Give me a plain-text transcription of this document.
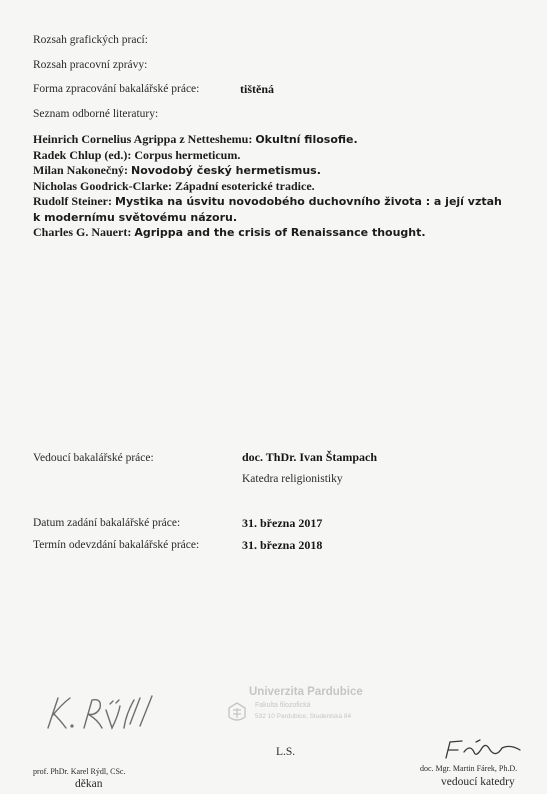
Rozsah grafických prací:
Rozsah pracovní zprávy:
Forma zpracování bakalářské práce:	tištěná
Seznam odborné literatury:
Heinrich Cornelius Agrippa z Netteshemu: Okultní filosofie.
Radek Chlup (ed.): Corpus hermeticum.
Milan Nakonečný: Novodobý český hermetismus.
Nicholas Goodrick-Clarke: Západní esoterické tradice.
Rudolf Steiner: Mystika na úsvitu novodobého duchovního života : a její vztah
k modernímu světovému názoru.
Charles G. Nauert: Agrippa and the crisis of Renaissance thought.
Vedoucí bakalářské práce:	doc. ThDr. Ivan Štampach
Katedra religionistiky
Datum zadání bakalářské práce:	31. března 2017
Termín odevzdání bakalářské práce:	31. března 2018
Univerzita Pardubice
Fakulta filozofická
532 10 Pardubice, Studentská 84
L.S.
prof. PhDr. Karel Rýdl, CSc.
děkan
doc. Mgr. Martin Fárek, Ph.D.
vedoucí katedry
